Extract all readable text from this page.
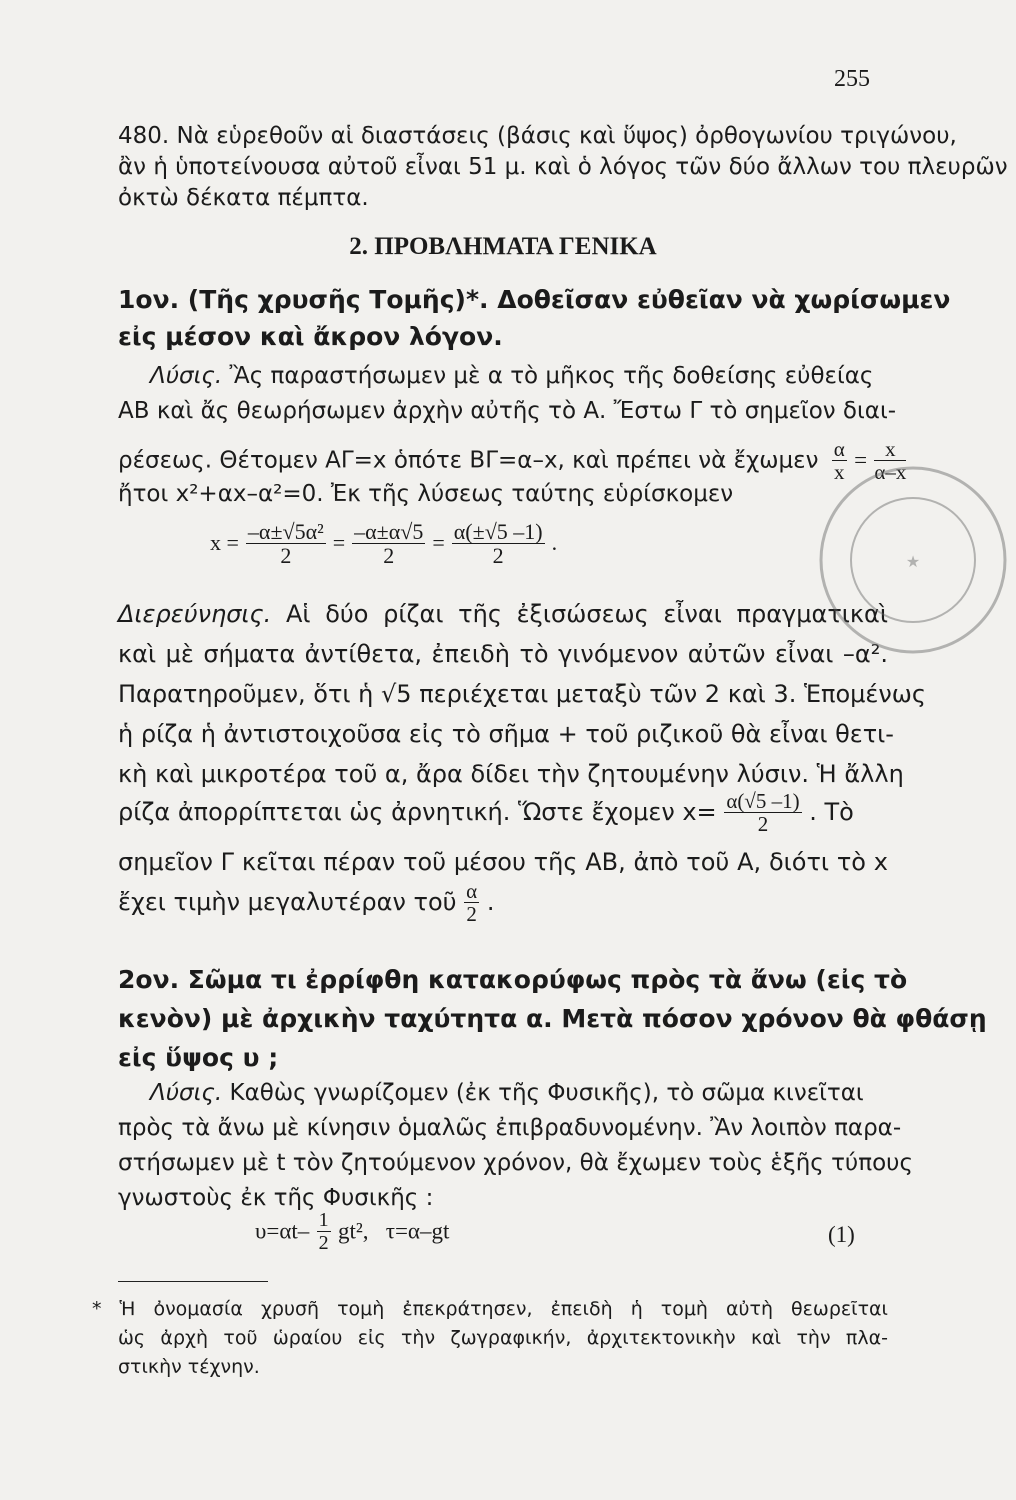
255
480. Νὰ εὑρεθοῦν αἱ διαστάσεις (βάσις καὶ ὕψος) ὀρθογωνίου τριγώνου,
ἂν ἡ ὑποτείνουσα αὐτοῦ εἶναι 51 μ. καὶ ὁ λόγος τῶν δύο ἄλλων του πλευρῶν
ὀκτὼ δέκατα πέμπτα.
2. ΠΡΟΒΛΗΜΑΤΑ ΓΕΝΙΚΑ
1ον. (Τῆς χρυσῆς Τομῆς)*. Δοθεῖσαν εὐθεῖαν νὰ χωρίσωμεν
εἰς μέσον καὶ ἄκρον λόγον.
Λύσις. Ἂς παραστήσωμεν μὲ α τὸ μῆκος τῆς δοθείσης εὐθείας
ΑΒ καὶ ἄς θεωρήσωμεν ἀρχὴν αὐτῆς τὸ Α. Ἔστω Γ τὸ σημεῖον διαι-
ρέσεως. Θέτομεν ΑΓ=x ὁπότε ΒΓ=α–x, καὶ πρέπει νὰ ἔχωμεν $\frac{\alpha}{x} = \frac{x}{\alpha-x}$
ἤτοι x²+αx–α²=0. Ἐκ τῆς λύσεως ταύτης εὑρίσκομεν
$x = \frac{\text{–α±√5α²}}{2} = \frac{-\alpha\pm\alpha√5}{2} = \frac{\alpha(\pm√5 -1)}{2}$ .
Διερεύνησις. Αἱ δύο ρίζαι τῆς ἐξισώσεως εἶναι πραγματικαὶ
καὶ μὲ σήματα ἀντίθετα, ἐπειδὴ τὸ γινόμενον αὐτῶν εἶναι –α².
Παρατηροῦμεν, ὅτι ἡ √5 περιέχεται μεταξὺ τῶν 2 καὶ 3. Ἑπομένως
ἡ ρίζα ἡ ἀντιστοιχοῦσα εἰς τὸ σῆμα + τοῦ ριζικοῦ θὰ εἶναι θετι-
κὴ καὶ μικροτέρα τοῦ α, ἄρα δίδει τὴν ζητουμένην λύσιν. Ἡ ἄλλη
ρίζα ἀπορρίπτεται ὡς ἀρνητική. Ὥστε ἔχομεν $x= \frac{\alpha(√5 -1)}{2}$ . Τὸ
σημεῖον Γ κεῖται πέραν τοῦ μέσου τῆς ΑΒ, ἀπὸ τοῦ Α, διότι τὸ x
ἔχει τιμὴν μεγαλυτέραν τοῦ $\frac{\alpha}{2}$ .
2ον. Σῶμα τι ἐρρίφθη κατακορύφως πρὸς τὰ ἄνω (εἰς τὸ
κενὸν) μὲ ἀρχικὴν ταχύτητα α. Μετὰ πόσον χρόνον θὰ φθάσῃ
εἰς ὕψος υ ;
Λύσις. Καθὼς γνωρίζομεν (ἐκ τῆς Φυσικῆς), τὸ σῶμα κινεῖται
πρὸς τὰ ἄνω μὲ κίνησιν ὁμαλῶς ἐπιβραδυνομένην. Ἂν λοιπὸν παρα-
στήσωμεν μὲ t τὸν ζητούμενον χρόνον, θὰ ἔχωμεν τοὺς ἑξῆς τύπους
γνωστοὺς ἐκ τῆς Φυσικῆς :
$\upsilon=\alpha t- \frac{1}{2} gt^2$,   τ=α–gt	(1)
* Ἡ ὀνομασία χρυσῆ τομὴ ἐπεκράτησεν, ἐπειδὴ ἡ τομὴ αὐτὴ θεωρεῖται
ὡς ἀρχὴ τοῦ ὡραίου εἰς τὴν ζωγραφικήν, ἀρχιτεκτονικὴν καὶ τὴν πλα-
στικὴν τέχνην.
★
